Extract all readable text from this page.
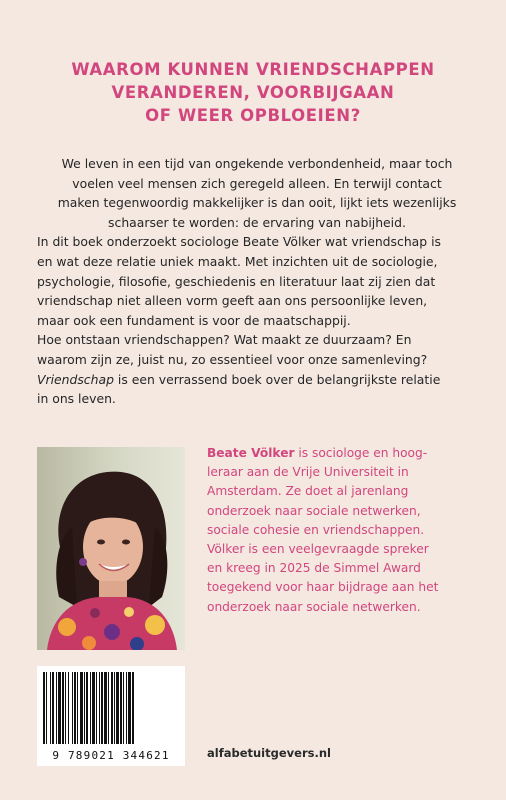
WAAROM KUNNEN VRIENDSCHAPPEN
VERANDEREN, VOORBIJGAAN
OF WEER OPBLOEIEN?
We leven in een tijd van ongekende verbondenheid, maar toch
voelen veel mensen zich geregeld alleen. En terwijl contact
maken tegenwoordig makkelijker is dan ooit, lijkt iets wezenlijks
schaarser te worden: de ervaring van nabijheid.
In dit boek onderzoekt sociologe Beate Völker wat vriendschap is
en wat deze relatie uniek maakt. Met inzichten uit de sociologie,
psychologie, filosofie, geschiedenis en literatuur laat zij zien dat
vriendschap niet alleen vorm geeft aan ons persoonlijke leven,
maar ook een fundament is voor de maatschappij.
Hoe ontstaan vriendschappen? Wat maakt ze duurzaam? En
waarom zijn ze, juist nu, zo essentieel voor onze samenleving?
Vriendschap is een verrassend boek over de belangrijkste relatie
in ons leven.
Beate Völker is sociologe en hoog-
leraar aan de Vrije Universiteit in
Amsterdam. Ze doet al jarenlang
onderzoek naar sociale netwerken,
sociale cohesie en vriendschappen.
Völker is een veelgevraagde spreker
en kreeg in 2025 de Simmel Award
toegekend voor haar bijdrage aan het
onderzoek naar sociale netwerken.
9 789021 344621	alfabetuitgevers.nl
